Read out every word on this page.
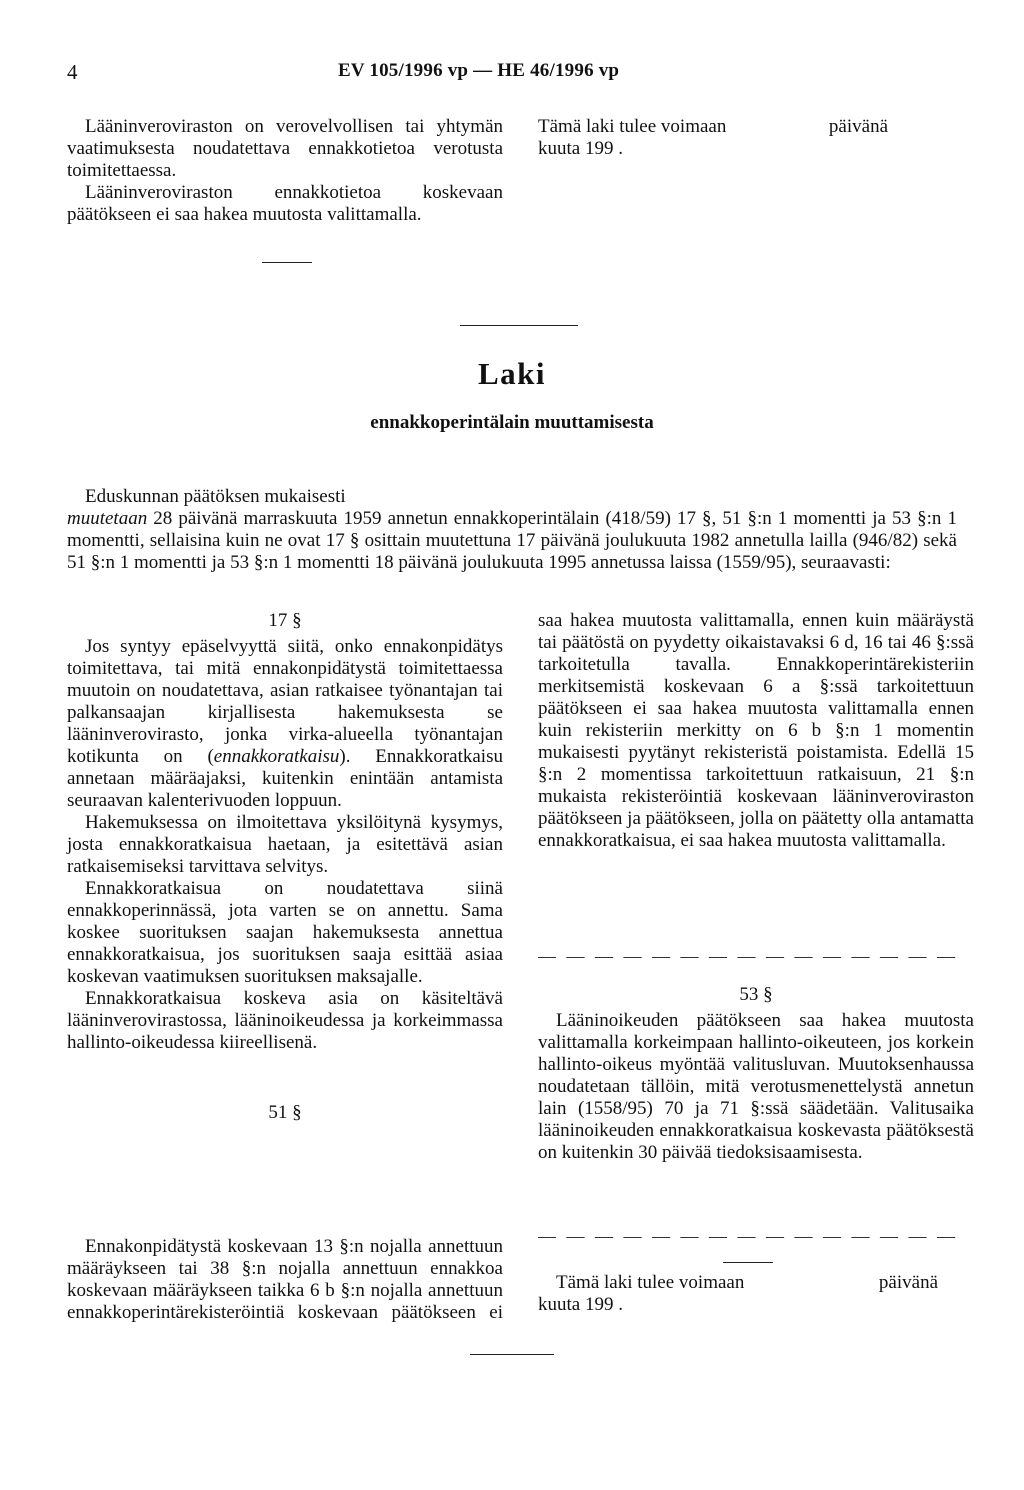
4	EV 105/1996 vp — HE 46/1996 vp

Lääninveroviraston on verovelvollisen tai yhtymän vaatimuksesta noudatettava ennakkotietoa verotusta toimitettaessa.

Lääninveroviraston ennakkotietoa koskevaan päätökseen ei saa hakea muutosta valittamalla.

Tämä laki tulee voimaan	päivänä
kuuta 199 .
Laki
ennakkoperintälain muuttamisesta

Eduskunnan päätöksen mukaisesti

muutetaan 28 päivänä marraskuuta 1959 annetun ennakkoperintälain (418/59) 17 §, 51 §:n 1 momentti ja 53 §:n 1 momentti, sellaisina kuin ne ovat 17 § osittain muutettuna 17 päivänä joulukuuta 1982 annetulla lailla (946/82) sekä 51 §:n 1 momentti ja 53 §:n 1 momentti 18 päivänä joulukuuta 1995 annetussa laissa (1559/95), seuraavasti:

17 §

Jos syntyy epäselvyyttä siitä, onko ennakonpidätys toimitettava, tai mitä ennakonpidätystä toimitettaessa muutoin on noudatettava, asian ratkaisee työnantajan tai palkansaajan kirjallisesta hakemuksesta se lääninverovirasto, jonka virka-alueella työnantajan kotikunta on (ennakkoratkaisu). Ennakkoratkaisu annetaan määräajaksi, kuitenkin enintään antamista seuraavan kalenterivuoden loppuun.

Hakemuksessa on ilmoitettava yksilöitynä kysymys, josta ennakkoratkaisua haetaan, ja esitettävä asian ratkaisemiseksi tarvittava selvitys.

Ennakkoratkaisua on noudatettava siinä ennakkoperinnässä, jota varten se on annettu. Sama koskee suorituksen saajan hakemuksesta annettua ennakkoratkaisua, jos suorituksen saaja esittää asiaa koskevan vaatimuksen suorituksen maksajalle.

Ennakkoratkaisua koskeva asia on käsiteltävä lääninverovirastossa, lääninoikeudessa ja korkeimmassa hallinto-oikeudessa kiireellisenä.

51 §

Ennakonpidätystä koskevaan 13 §:n nojalla annettuun määräykseen tai 38 §:n nojalla annettuun ennakkoa koskevaan määräykseen taikka 6 b §:n nojalla annettuun ennakkoperintärekisteröintiä koskevaan päätökseen ei

saa hakea muutosta valittamalla, ennen kuin määräystä tai päätöstä on pyydetty oikaistavaksi 6 d, 16 tai 46 §:ssä tarkoitetulla tavalla. Ennakkoperintärekisteriin merkitsemistä koskevaan 6 a §:ssä tarkoitettuun päätökseen ei saa hakea muutosta valittamalla ennen kuin rekisteriin merkitty on 6 b §:n 1 momentin mukaisesti pyytänyt rekisteristä poistamista. Edellä 15 §:n 2 momentissa tarkoitettuun ratkaisuun, 21 §:n mukaista rekisteröintiä koskevaan lääninveroviraston päätökseen ja päätökseen, jolla on päätetty olla antamatta ennakkoratkaisua, ei saa hakea muutosta valittamalla.

— — — — — — — — — — — — — — —
53 §

Lääninoikeuden päätökseen saa hakea muutosta valittamalla korkeimpaan hallinto-oikeuteen, jos korkein hallinto-oikeus myöntää valitusluvan. Muutoksenhaussa noudatetaan tällöin, mitä verotusmenettelystä annetun lain (1558/95) 70 ja 71 §:ssä säädetään. Valitusaika lääninoikeuden ennakkoratkaisua koskevasta päätöksestä on kuitenkin 30 päivää tiedoksisaamisesta.

— — — — — — — — — — — — — — —
Tämä laki tulee voimaan	päivänä
kuuta 199 .
